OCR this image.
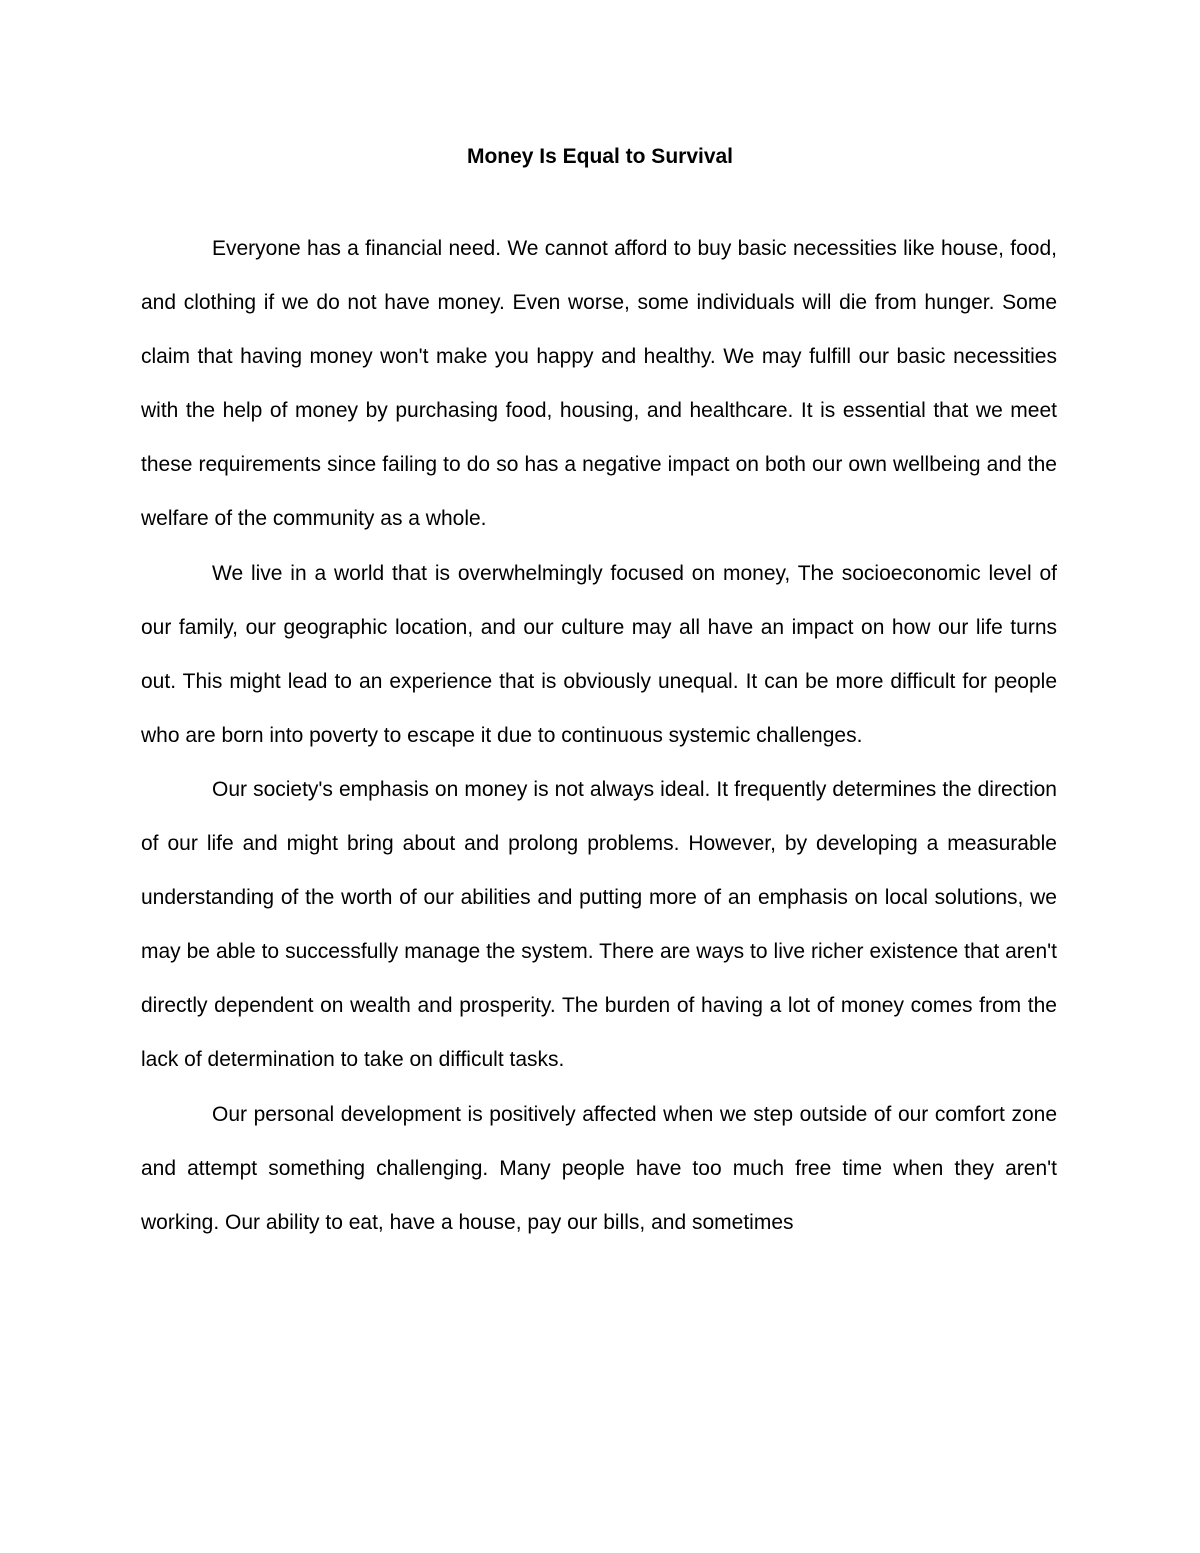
Money Is Equal to Survival

Everyone has a financial need. We cannot afford to buy basic necessities like house, food, and clothing if we do not have money. Even worse, some individuals will die from hunger. Some claim that having money won't make you happy and healthy. We may fulfill our basic necessities with the help of money by purchasing food, housing, and healthcare. It is essential that we meet these requirements since failing to do so has a negative impact on both our own wellbeing and the welfare of the community as a whole.

We live in a world that is overwhelmingly focused on money, The socioeconomic level of our family, our geographic location, and our culture may all have an impact on how our life turns out. This might lead to an experience that is obviously unequal. It can be more difficult for people who are born into poverty to escape it due to continuous systemic challenges.

Our society's emphasis on money is not always ideal. It frequently determines the direction of our life and might bring about and prolong problems. However, by developing a measurable understanding of the worth of our abilities and putting more of an emphasis on local solutions, we may be able to successfully manage the system. There are ways to live richer existence that aren't directly dependent on wealth and prosperity. The burden of having a lot of money comes from the lack of determination to take on difficult tasks.

Our personal development is positively affected when we step outside of our comfort zone and attempt something challenging. Many people have too much free time when they aren't working. Our ability to eat, have a house, pay our bills, and sometimes
